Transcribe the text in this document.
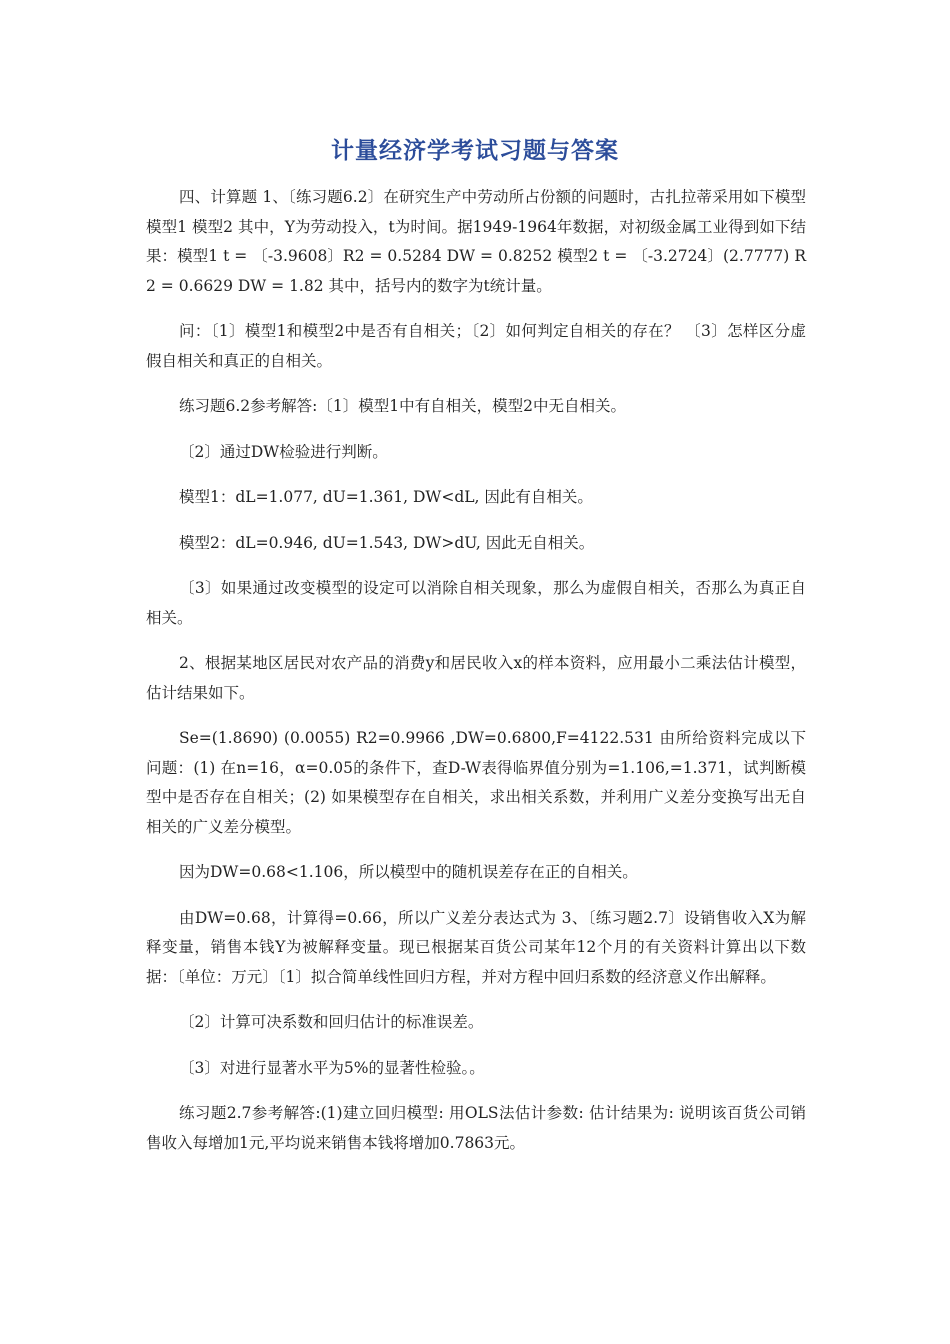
计量经济学考试习题与答案

四、计算题 1、〔练习题6.2〕在研究生产中劳动所占份额的问题时，古扎拉蒂采用如下模型 模型1 模型2 其中，Y为劳动投入，t为时间。据1949-1964年数据，对初级金属工业得到如下结果：模型1 t = 〔-3.9608〕R2 = 0.5284 DW = 0.8252 模型2 t = 〔-3.2724〕(2.7777) R2 = 0.6629 DW = 1.82 其中，括号内的数字为t统计量。

问：〔1〕模型1和模型2中是否有自相关；〔2〕如何判定自相关的存在？ 〔3〕怎样区分虚假自相关和真正的自相关。

练习题6.2参考解答:〔1〕模型1中有自相关，模型2中无自相关。

〔2〕通过DW检验进行判断。

模型1：dL=1.077, dU=1.361, DW<dL, 因此有自相关。

模型2：dL=0.946, dU=1.543, DW>dU, 因此无自相关。

〔3〕如果通过改变模型的设定可以消除自相关现象，那么为虚假自相关，否那么为真正自相关。

2、根据某地区居民对农产品的消费y和居民收入x的样本资料，应用最小二乘法估计模型，估计结果如下。

Se=(1.8690) (0.0055) R2=0.9966 ,DW=0.6800,F=4122.531 由所给资料完成以下问题：(1) 在n=16，α=0.05的条件下，查D-W表得临界值分别为=1.106,=1.371，试判断模型中是否存在自相关；(2) 如果模型存在自相关，求出相关系数，并利用广义差分变换写出无自相关的广义差分模型。

因为DW=0.68<1.106，所以模型中的随机误差存在正的自相关。

由DW=0.68，计算得=0.66，所以广义差分表达式为 3、〔练习题2.7〕设销售收入X为解释变量，销售本钱Y为被解释变量。现已根据某百货公司某年12个月的有关资料计算出以下数据：〔单位：万元〕〔1〕拟合简单线性回归方程，并对方程中回归系数的经济意义作出解释。

〔2〕计算可决系数和回归估计的标准误差。

〔3〕对进行显著水平为5%的显著性检验。。

练习题2.7参考解答:(1)建立回归模型: 用OLS法估计参数: 估计结果为: 说明该百货公司销售收入每增加1元,平均说来销售本钱将增加0.7863元。
